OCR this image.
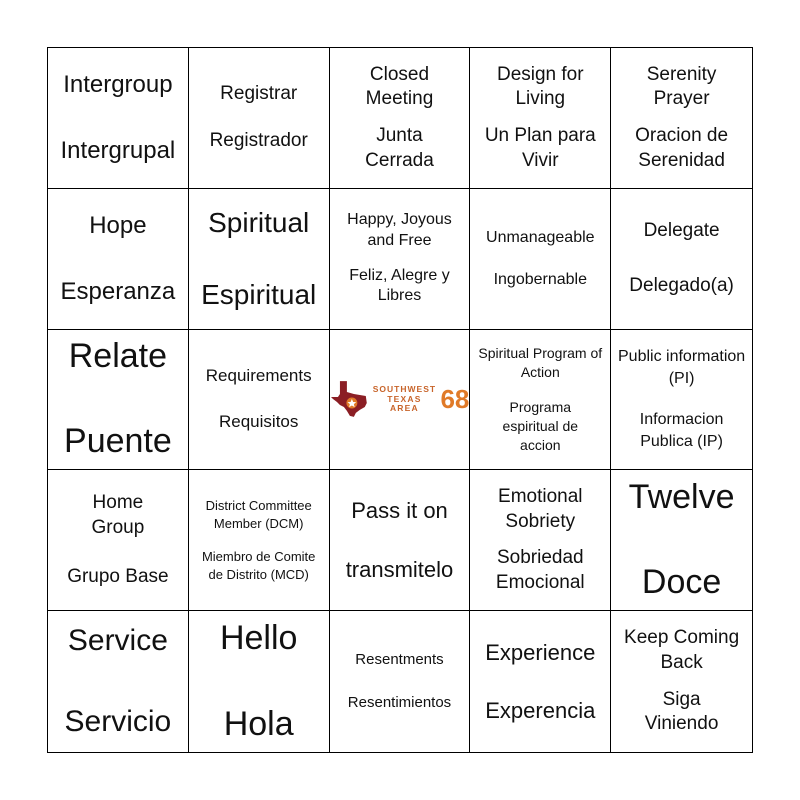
Intergroup
Intergrupal
Registrar
Registrador
Closed Meeting
Junta Cerrada
Design for Living
Un Plan para Vivir
Serenity Prayer
Oracion de Serenidad
Hope
Esperanza
Spiritual
Espiritual
Happy, Joyous and Free
Feliz, Alegre y Libres
Unmanageable
Ingobernable
Delegate
Delegado(a)
Relate
Puente
Requirements
Requisitos
SOUTHWEST
TEXAS AREA 68
Spiritual Program of Action
Programa espiritual de accion
Public information (PI)
Informacion Publica (IP)
Home Group
Grupo Base
District Committee Member (DCM)
Miembro de Comite de Distrito (MCD)
Pass it on
transmitelo
Emotional Sobriety
Sobriedad Emocional
Twelve
Doce
Service
Servicio
Hello
Hola
Resentments
Resentimientos
Experience
Experencia
Keep Coming Back
Siga Viniendo
